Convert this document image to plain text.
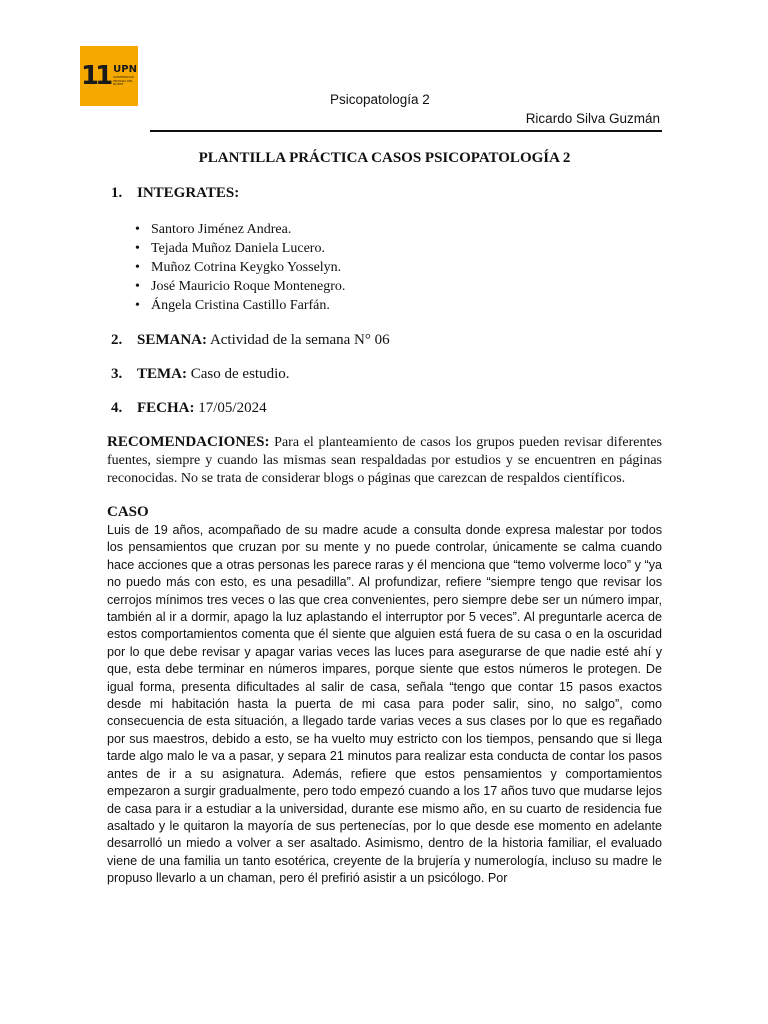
11 UPN
UNIVERSIDAD PRIVADA DEL NORTE
Psicopatología 2
Ricardo Silva Guzmán
PLANTILLA PRÁCTICA CASOS PSICOPATOLOGÍA 2
1. INTEGRATES:
• Santoro Jiménez Andrea.
• Tejada Muñoz Daniela Lucero.
• Muñoz Cotrina Keygko Yosselyn.
• José Mauricio Roque Montenegro.
• Ángela Cristina Castillo Farfán.
2. SEMANA: Actividad de la semana N° 06
3. TEMA: Caso de estudio.
4. FECHA: 17/05/2024

RECOMENDACIONES: Para el planteamiento de casos los grupos pueden revisar diferentes fuentes, siempre y cuando las mismas sean respaldadas por estudios y se encuentren en páginas reconocidas. No se trata de considerar blogs o páginas que carezcan de respaldos científicos.

CASO

Luis de 19 años, acompañado de su madre acude a consulta donde expresa malestar por todos los pensamientos que cruzan por su mente y no puede controlar, únicamente se calma cuando hace acciones que a otras personas les parece raras y él menciona que “temo volverme loco” y “ya no puedo más con esto, es una pesadilla”. Al profundizar, refiere “siempre tengo que revisar los cerrojos mínimos tres veces o las que crea convenientes, pero siempre debe ser un número impar, también al ir a dormir, apago la luz aplastando el interruptor por 5 veces”. Al preguntarle acerca de estos comportamientos comenta que él siente que alguien está fuera de su casa o en la oscuridad por lo que debe revisar y apagar varias veces las luces para asegurarse de que nadie esté ahí y que, esta debe terminar en números impares, porque siente que estos números le protegen. De igual forma, presenta dificultades al salir de casa, señala “tengo que contar 15 pasos exactos desde mi habitación hasta la puerta de mi casa para poder salir, sino, no salgo”, como consecuencia de esta situación, a llegado tarde varias veces a sus clases por lo que es regañado por sus maestros, debido a esto, se ha vuelto muy estricto con los tiempos, pensando que si llega tarde algo malo le va a pasar, y separa 21 minutos para realizar esta conducta de contar los pasos antes de ir a su asignatura. Además, refiere que estos pensamientos y comportamientos empezaron a surgir gradualmente, pero todo empezó cuando a los 17 años tuvo que mudarse lejos de casa para ir a estudiar a la universidad, durante ese mismo año, en su cuarto de residencia fue asaltado y le quitaron la mayoría de sus pertenecías, por lo que desde ese momento en adelante desarrolló un miedo a volver a ser asaltado. Asimismo, dentro de la historia familiar, el evaluado viene de una familia un tanto esotérica, creyente de la brujería y numerología, incluso su madre le propuso llevarlo a un chaman, pero él prefirió asistir a un psicólogo. Por
